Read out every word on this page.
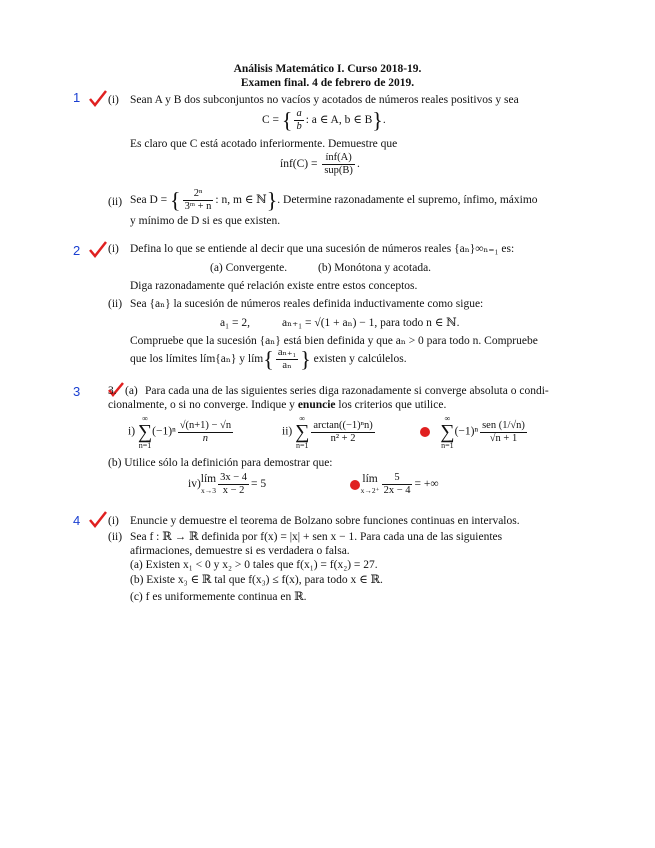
Análisis Matemático I. Curso 2018-19.
Examen final. 4 de febrero de 2019.
1
2
3
4
(i) Sean A y B dos subconjuntos no vacíos y acotados de números reales positivos y sea
C = { $\frac{a}{b}$ : a ∈ A, b ∈ B}.
Es claro que C está acotado inferiormente. Demuestre que
ínf(C) = $\frac{\text{ínf(A)}}{\text{sup(B)}}$ .
(ii) Sea D = { $\frac{\text{2ⁿ}}{\text{3ᵐ + n}}$ : n, m ∈ ℕ}. Determine razonadamente el supremo, ínfimo, máximo
y mínimo de D si es que existen.
(i) Defina lo que se entiende al decir que una sucesión de números reales {aₙ}∞ₙ₌₁ es:
(a) Convergente.	(b) Monótona y acotada.
Diga razonadamente qué relación existe entre estos conceptos.
(ii) Sea {aₙ} la sucesión de números reales definida inductivamente como sigue:
a₁ = 2,	aₙ₊₁ = √(1 + aₙ) − 1, para todo n ∈ ℕ.
Compruebe que la sucesión {aₙ} está bien definida y que aₙ > 0 para todo n. Compruebe
que los límites lím{aₙ} y lím{ $\frac{\text{aₙ₊₁}}{\text{aₙ}}$ } existen y calcúlelos.
3. (a) Para cada una de las siguientes series diga razonadamente si converge absoluta o condi-
cionalmente, o si no converge. Indique y enuncie los criterios que utilice.
i) ∞
∑
$n=1(-1)^n \frac{√(n+1) - √n}{n}$	ii) ∞
∑
n=1
$\frac{\text{arctan((−1)ⁿn)}}{\text{n² + 2}}$
∞
∑
$n=1(-1)^n \frac{\text{sen (1/√n)}}{√n + 1}$
(b) Utilice sólo la definición para demostrar que:
iv)lím
$x\to 3 \frac{3x - 4}{x - 2} = 5$	lím
$x\to 2^+ \frac{5}{2x - 4}$ = +∞
(i) Enuncie y demuestre el teorema de Bolzano sobre funciones continuas en intervalos.
(ii) Sea f : ℝ → ℝ definida por f(x) = |x| + sen x − 1. Para cada una de las siguientes
afirmaciones, demuestre si es verdadera o falsa.
(a) Existen x₁ < 0 y x₂ > 0 tales que f(x₁) = f(x₂) = 27.
(b) Existe x₃ ∈ ℝ tal que f(x₃) ≤ f(x), para todo x ∈ ℝ.
(c) f es uniformemente continua en ℝ.
